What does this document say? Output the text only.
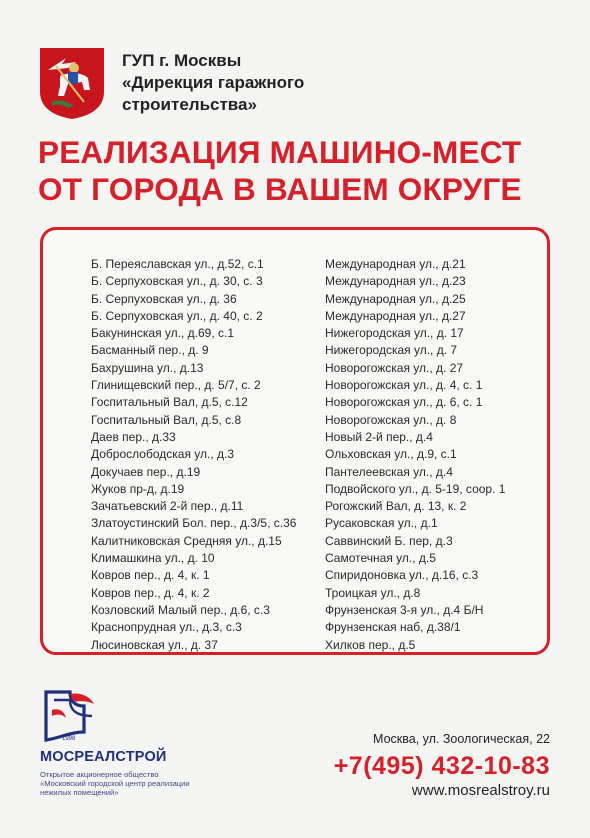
ГУП г. Москвы
«Дирекция гаражного
строительства»
РЕАЛИЗАЦИЯ МАШИНО-МЕСТ
ОТ ГОРОДА В ВАШЕМ ОКРУГЕ
Б. Переяславская ул., д.52, с.1
Б. Серпуховская ул., д. 30, с. 3
Б. Серпуховская ул., д. 36
Б. Серпуховская ул., д. 40, с. 2
Бакунинская ул., д.69, с.1
Басманный пер., д. 9
Бахрушина ул., д.13
Глинищевский пер., д. 5/7, с. 2
Госпитальный Вал, д.5, с.12
Госпитальный Вал, д.5, с.8
Даев пер., д.33
Доброслободская ул., д.3
Докучаев пер., д.19
Жуков пр-д, д.19
Зачатьевский 2-й пер., д.11
Златоустинский Бол. пер., д.3/5, с.36
Калитниковская Средняя ул., д.15
Климашкина ул., д. 10
Ковров пер., д. 4, к. 1
Ковров пер., д. 4, к. 2
Козловский Малый пер., д.6, с.3
Краснопрудная ул., д.3, с.3
Люсиновская ул., д. 37
Международная ул., д.21
Международная ул., д.23
Международная ул., д.25
Международная ул., д.27
Нижегородская ул., д. 17
Нижегородская ул., д. 7
Новорогожская ул., д. 27
Новорогожская ул., д. 4, с. 1
Новорогожская ул., д. 6, с. 1
Новорогожская ул., д. 8
Новый 2-й пер., д.4
Ольховская ул., д.9, с.1
Пантелеевская ул., д.4
Подвойского ул., д. 5-19, соор. 1
Рогожский Вал, д. 13, к. 2
Русаковская ул., д.1
Саввинский Б. пер, д.3
Самотечная ул., д.5
Спиридоновка ул., д.16, с.3
Троицкая ул., д.8
Фрунзенская 3-я ул., д.4 Б/Н
Фрунзенская наб, д.38/1
Хилков пер., д.5
1998
МОСРЕАЛСТРОЙ
Открытое акционерное общество
«Московский городской центр реализации
нежилых помещений»
Москва, ул. Зоологическая, 22
+7(495) 432-10-83
www.mosrealstroy.ru
